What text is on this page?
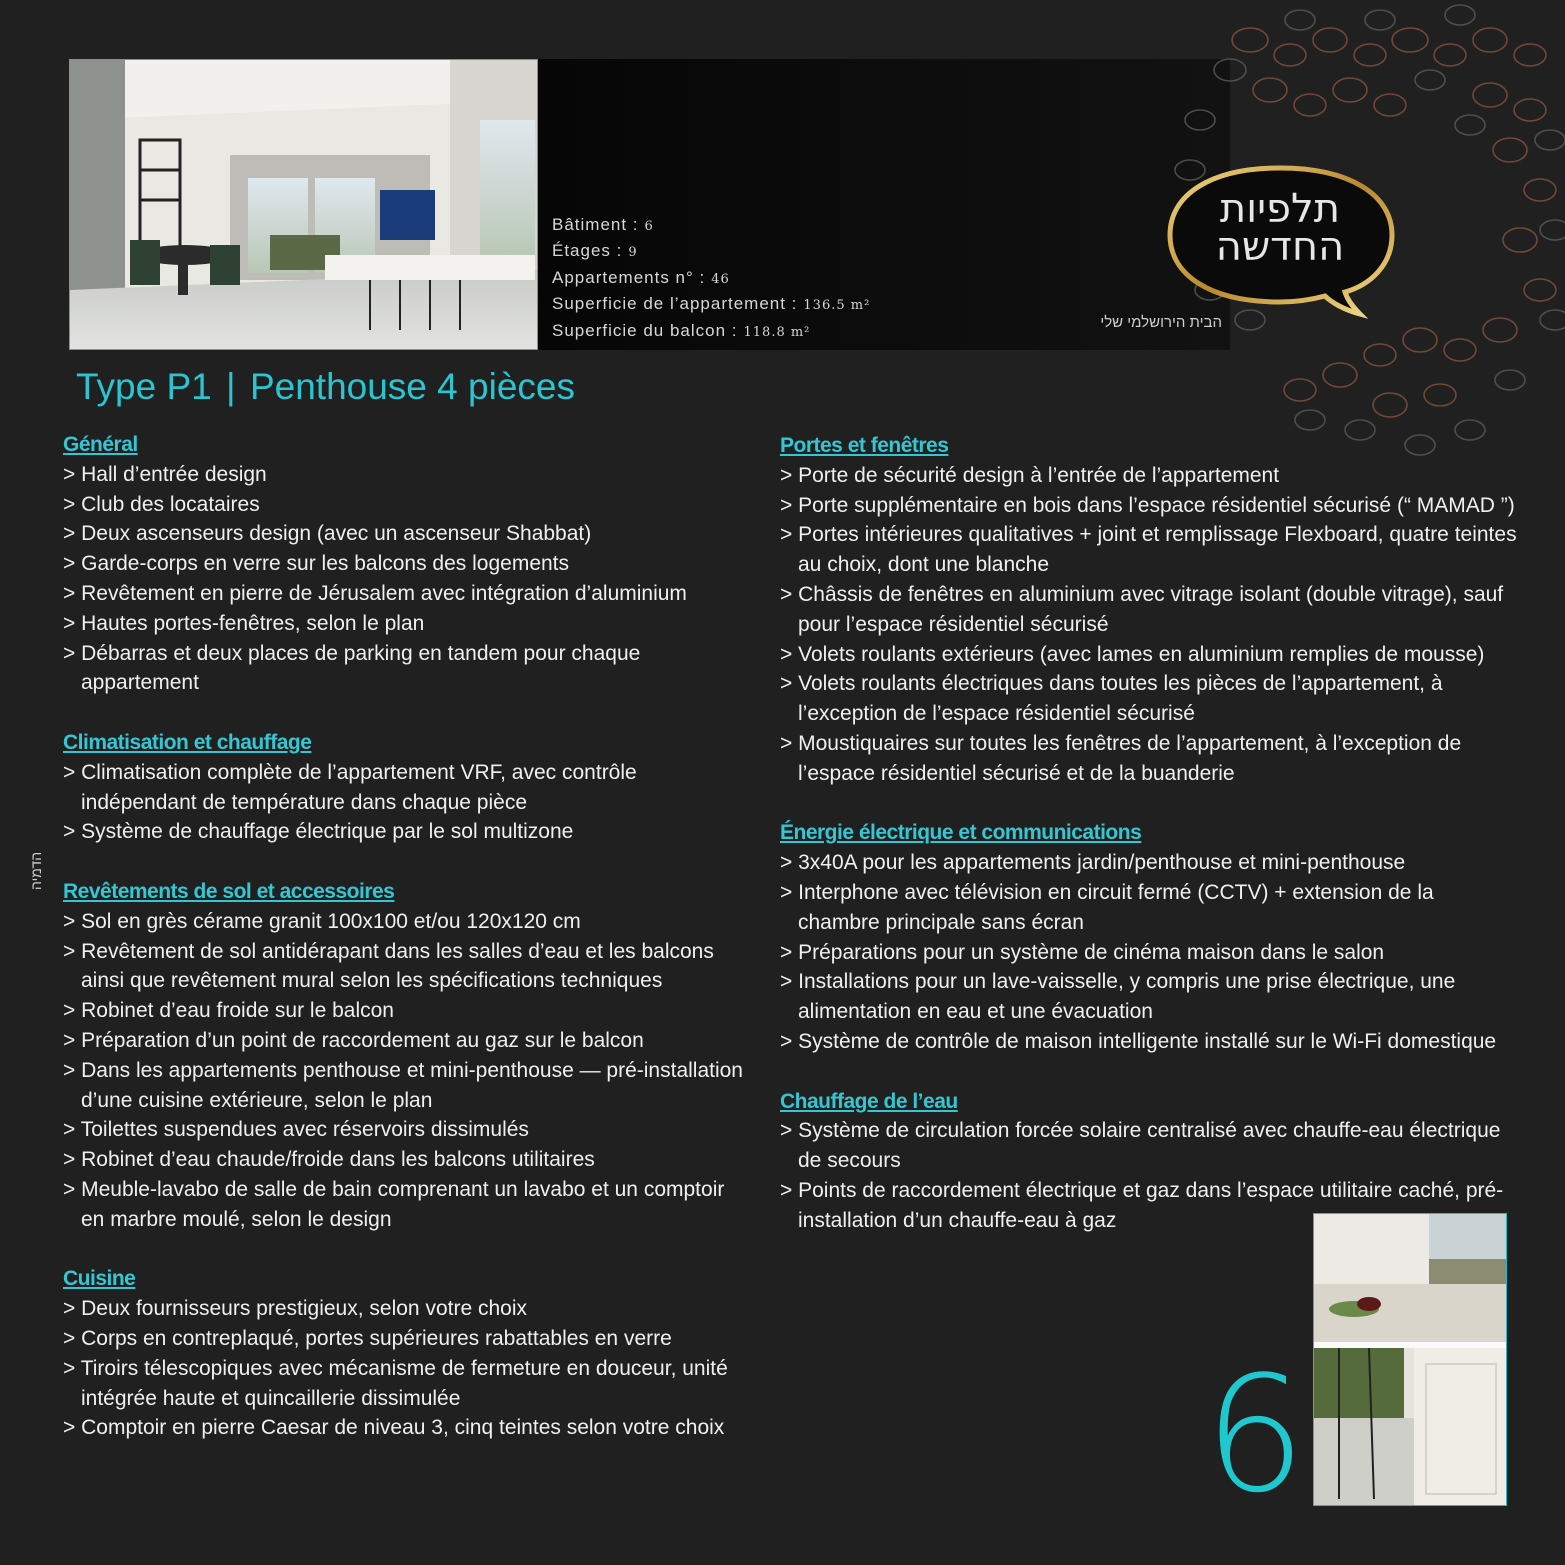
תלפיות
החדשה
הבית הירושלמי שלי
Bâtiment : 6
Étages : 9
Appartements n° : 46
Superficie de l’appartement : 136.5 m²
Superficie du balcon : 118.8 m²
Type P1 | Penthouse 4 pièces
הדמיה
Général
> Hall d’entrée design
> Club des locataires
> Deux ascenseurs design (avec un ascenseur Shabbat)
> Garde-corps en verre sur les balcons des logements
> Revêtement en pierre de Jérusalem avec intégration d’aluminium
> Hautes portes-fenêtres, selon le plan
> Débarras et deux places de parking en tandem pour chaque appartement
Climatisation et chauffage
> Climatisation complète de l’appartement VRF, avec contrôle indépendant de température dans chaque pièce
> Système de chauffage électrique par le sol multizone
Revêtements de sol et accessoires
> Sol en grès cérame granit 100x100 et/ou 120x120 cm
> Revêtement de sol antidérapant dans les salles d’eau et les balcons ainsi que revêtement mural selon les spécifications techniques
> Robinet d’eau froide sur le balcon
> Préparation d’un point de raccordement au gaz sur le balcon
> Dans les appartements penthouse et mini-penthouse — pré-installation d’une cuisine extérieure, selon le plan
> Toilettes suspendues avec réservoirs dissimulés
> Robinet d’eau chaude/froide dans les balcons utilitaires
> Meuble-lavabo de salle de bain comprenant un lavabo et un comptoir en marbre moulé, selon le design
Cuisine
> Deux fournisseurs prestigieux, selon votre choix
> Corps en contreplaqué, portes supérieures rabattables en verre
> Tiroirs télescopiques avec mécanisme de fermeture en douceur, unité intégrée haute et quincaillerie dissimulée
> Comptoir en pierre Caesar de niveau 3, cinq teintes selon votre choix
Portes et fenêtres
> Porte de sécurité design à l’entrée de l’appartement
> Porte supplémentaire en bois dans l’espace résidentiel sécurisé (“ MAMAD ”)
> Portes intérieures qualitatives + joint et remplissage Flexboard, quatre teintes au choix, dont une blanche
> Châssis de fenêtres en aluminium avec vitrage isolant (double vitrage), sauf pour l’espace résidentiel sécurisé
> Volets roulants extérieurs (avec lames en aluminium remplies de mousse)
> Volets roulants électriques dans toutes les pièces de l’appartement, à l’exception de l’espace résidentiel sécurisé
> Moustiquaires sur toutes les fenêtres de l’appartement, à l’exception de l’espace résidentiel sécurisé et de la buanderie
Énergie électrique et communications
> 3x40A pour les appartements jardin/penthouse et mini-penthouse
> Interphone avec télévision en circuit fermé (CCTV) + extension de la chambre principale sans écran
> Préparations pour un système de cinéma maison dans le salon
> Installations pour un lave-vaisselle, y compris une prise électrique, une alimentation en eau et une évacuation
> Système de contrôle de maison intelligente installé sur le Wi-Fi domestique
Chauffage de l’eau
> Système de circulation forcée solaire centralisé avec chauffe-eau électrique de secours
> Points de raccordement électrique et gaz dans l’espace utilitaire caché, pré-installation d’un chauffe-eau à gaz
6
